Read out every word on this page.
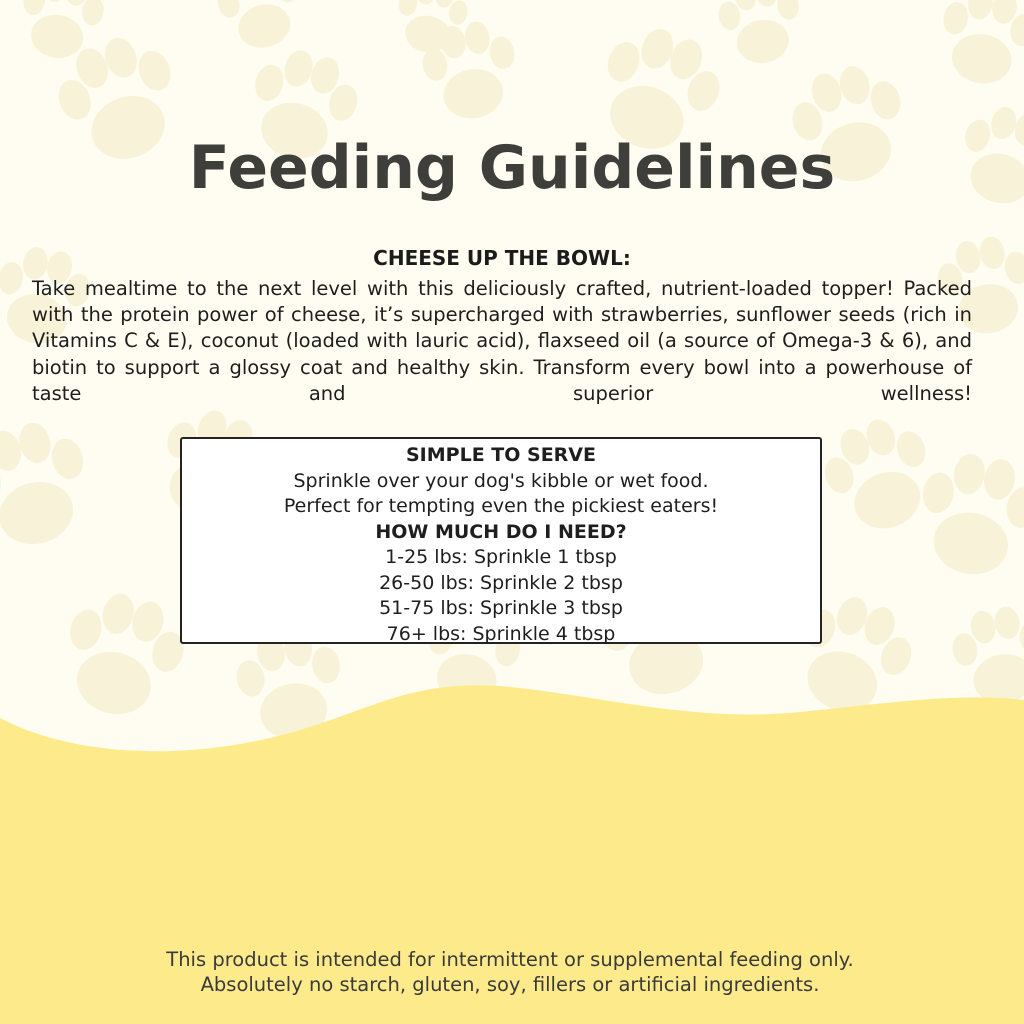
Feeding Guidelines
CHEESE UP THE BOWL:

Take mealtime to the next level with this deliciously crafted, nutrient-loaded topper! Packed with the protein power of cheese, it’s supercharged with strawberries, sunflower seeds (rich in Vitamins C & E), coconut (loaded with lauric acid), flaxseed oil (a source of Omega-3 & 6), and biotin to support a glossy coat and healthy skin. Transform every bowl into a powerhouse of taste and superior wellness!

SIMPLE TO SERVE
Sprinkle over your dog's kibble or wet food.
Perfect for tempting even the pickiest eaters!
HOW MUCH DO I NEED?
1-25 lbs: Sprinkle 1 tbsp
26-50 lbs: Sprinkle 2 tbsp
51-75 lbs: Sprinkle 3 tbsp
76+ lbs: Sprinkle 4 tbsp
This product is intended for intermittent or supplemental feeding only.
Absolutely no starch, gluten, soy, fillers or artificial ingredients.
